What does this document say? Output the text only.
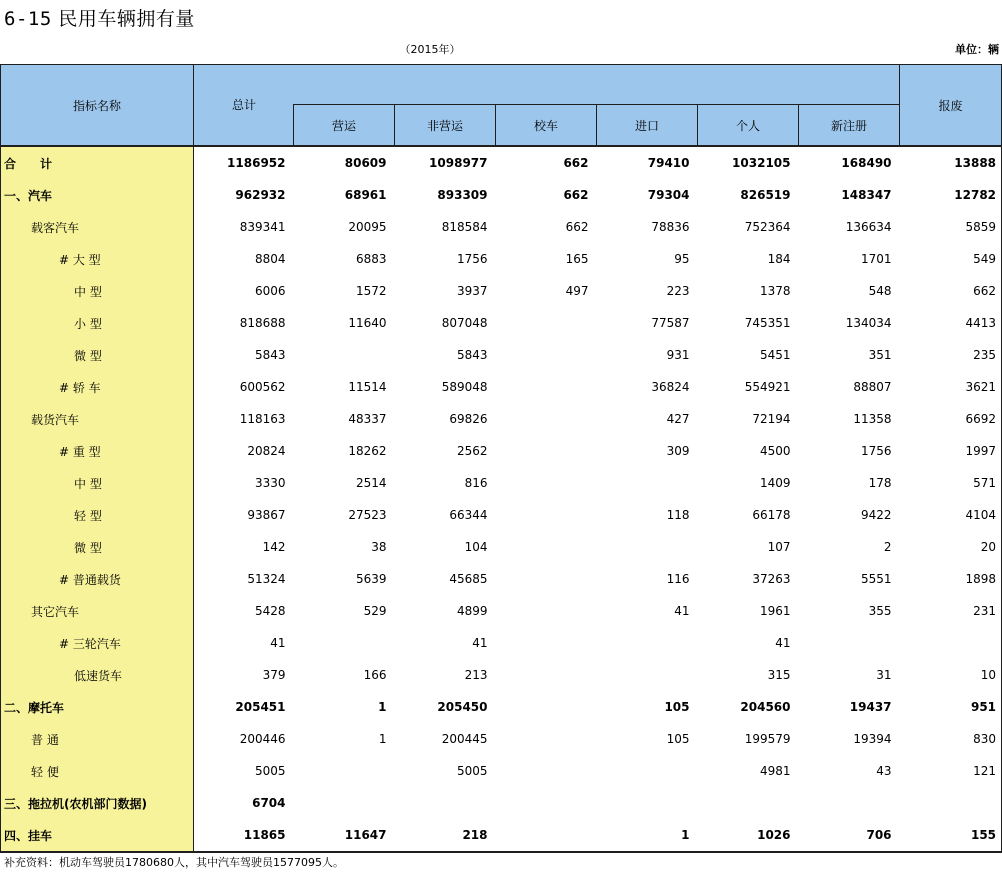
6-15 民用车辆拥有量
（2015年）	单位：辆
指标名称	总计							报废
		营运	非营运	校车	进口	个人	新注册	
合　　计	1186952	80609	1098977	662	79410	1032105	168490	13888
一、汽车	962932	68961	893309	662	79304	826519	148347	12782
载客汽车	839341	20095	818584	662	78836	752364	136634	5859
# 大 型	8804	6883	1756	165	95	184	1701	549
中 型	6006	1572	3937	497	223	1378	548	662
小 型	818688	11640	807048		77587	745351	134034	4413
微 型	5843		5843		931	5451	351	235
# 轿 车	600562	11514	589048		36824	554921	88807	3621
载货汽车	118163	48337	69826		427	72194	11358	6692
# 重 型	20824	18262	2562		309	4500	1756	1997
中 型	3330	2514	816			1409	178	571
轻 型	93867	27523	66344		118	66178	9422	4104
微 型	142	38	104			107	2	20
# 普通载货	51324	5639	45685		116	37263	5551	1898
其它汽车	5428	529	4899		41	1961	355	231
# 三轮汽车	41		41			41		
低速货车	379	166	213			315	31	10
二、摩托车	205451	1	205450		105	204560	19437	951
普 通	200446	1	200445		105	199579	19394	830
轻 便	5005		5005			4981	43	121
三、拖拉机(农机部门数据)	6704							
四、挂车	11865	11647	218		1	1026	706	155
补充资料：机动车驾驶员1780680人，其中汽车驾驶员1577095人。
